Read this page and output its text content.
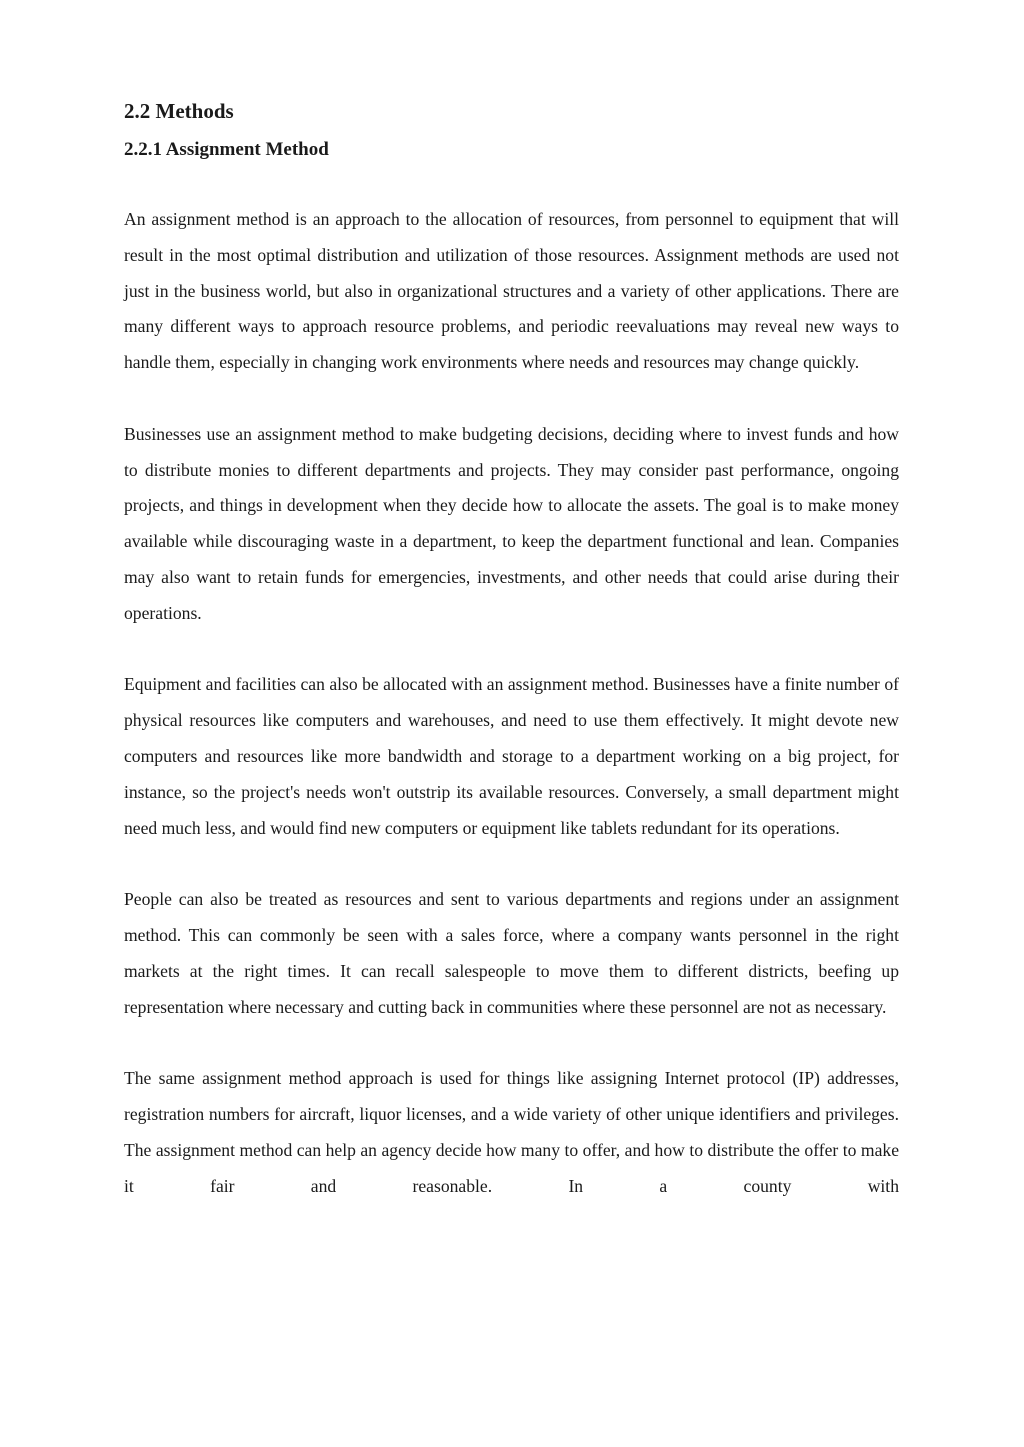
2.2 Methods
2.2.1 Assignment Method

An assignment method is an approach to the allocation of resources, from personnel to equipment that will result in the most optimal distribution and utilization of those resources. Assignment methods are used not just in the business world, but also in organizational structures and a variety of other applications. There are many different ways to approach resource problems, and periodic reevaluations may reveal new ways to handle them, especially in changing work environments where needs and resources may change quickly.

Businesses use an assignment method to make budgeting decisions, deciding where to invest funds and how to distribute monies to different departments and projects. They may consider past performance, ongoing projects, and things in development when they decide how to allocate the assets. The goal is to make money available while discouraging waste in a department, to keep the department functional and lean. Companies may also want to retain funds for emergencies, investments, and other needs that could arise during their operations.

Equipment and facilities can also be allocated with an assignment method. Businesses have a finite number of physical resources like computers and warehouses, and need to use them effectively. It might devote new computers and resources like more bandwidth and storage to a department working on a big project, for instance, so the project's needs won't outstrip its available resources. Conversely, a small department might need much less, and would find new computers or equipment like tablets redundant for its operations.

People can also be treated as resources and sent to various departments and regions under an assignment method. This can commonly be seen with a sales force, where a company wants personnel in the right markets at the right times. It can recall salespeople to move them to different districts, beefing up representation where necessary and cutting back in communities where these personnel are not as necessary.

The same assignment method approach is used for things like assigning Internet protocol (IP) addresses, registration numbers for aircraft, liquor licenses, and a wide variety of other unique identifiers and privileges. The assignment method can help an agency decide how many to offer, and how to distribute the offer to make it fair and reasonable. In a county with
